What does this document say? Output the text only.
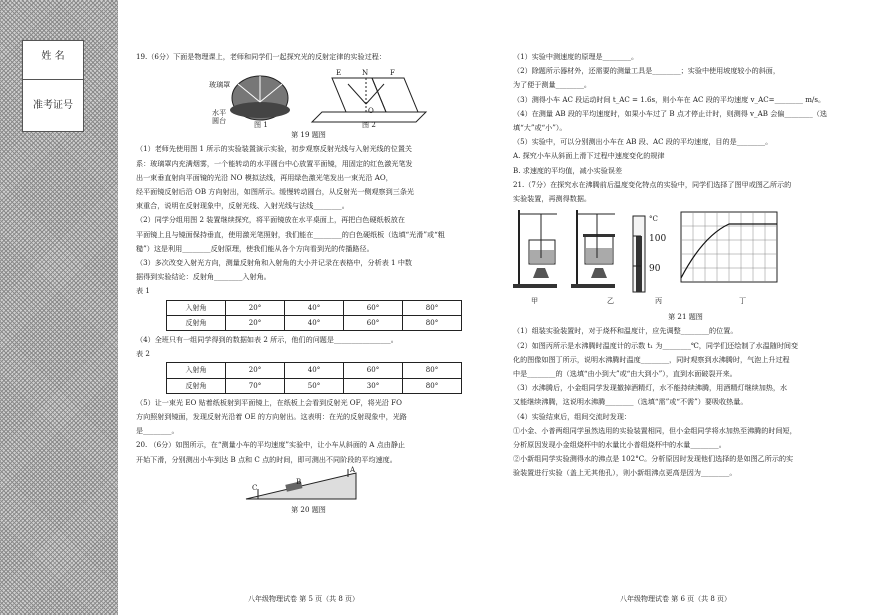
姓 名
准考证号

19.（6分）下面是物理课上，老师和同学们一起探究光的反射定律的实验过程：

玻璃罩
水平
圆台
E	N	F
O
图 1	图 2

第 19 题图

（1）老师先使用图 1 所示的实验装置演示实验，初步观察反射光线与入射光线的位置关

系：玻璃罩内充满烟雾，一个能转动的水平圆台中心放置平面镜，用固定的红色激光笔发

出一束垂直射向平面镜的光沿 NO 模拟法线，再用绿色激光笔发出一束光沿 AO，

经平面镜反射后沿 OB 方向射出，如图所示。缓慢转动圆台，从反射光一侧观察到三条光

束重合，说明在反射现象中，反射光线、入射光线与法线________。

（2）同学分组用图 2 装置继续探究，将平面镜放在水平桌面上，再把白色硬纸板放在

平面镜上且与镜面保持垂直，使用激光笔照射，我们能在________的白色硬纸板（选填“光滑”或“粗

糙”）这是利用________反射原理，使我们能从各个方向看到光的传播路径。

（3）多次改变入射光方向，测量反射角和入射角的大小并记录在表格中，分析表 1 中数

据得到实验结论：反射角________入射角。

表 1

入射角	20°	40°	60°	80°
反射角	20°	40°	60°	80°

（4）全班只有一组同学得到的数据如表 2 所示，他们的问题是________________。

表 2

入射角	20°	40°	60°	80°
反射角	70°	50°	30°	80°

（5）让一束光 EO 贴着纸板射到平面镜上，在纸板上会看到反射光 OF，将光沿 FO

方向照射到镜面，发现反射光沿着 OE 的方向射出。这表明：在光的反射现象中，光路

是________。

20. （6分）如图所示，在“测量小车的平均速度”实验中，让小车从斜面的 A 点由静止

开始下滑，分别测出小车到达 B 点和 C 点的时间，即可测出不同阶段的平均速度。

A
B
C

第 20 题图

八年级物理试卷 第 5 页（共 8 页）

（1）实验中测速度的原理是________。

（2）除题所示器材外，还需要的测量工具是________；实验中使用坡度较小的斜面，

为了便于测量________。

（3）测得小车 AC 段运动时间 t_AC = 1.6s，则小车在 AC 段的平均速度 v_AC=________ m/s。

（4）在测量 AB 段的平均速度时，如果小车过了 B 点才停止计时，则测得 v_AB 会偏________（选

填“大”或“小”）。

（5）实验中，可以分别测出小车在 AB 段、AC 段的平均速度，目的是________。

A. 探究小车从斜面上滑下过程中速度变化的规律

B. 求速度的平均值，减小实验误差

21.（7分）在探究水在沸腾前后温度变化特点的实验中，同学们选择了图甲或图乙所示的

实验装置，再测得数据。

°C
100
90
甲	乙	丙	丁

第 21 题图

（1）组装实验装置时，对于烧杯和温度计，应先调整________的位置。

（2）如图丙所示是水沸腾时温度计的示数 t₁ 为________℃，同学们还绘制了水温随时间变

化的图像如图丁所示，说明水沸腾时温度________，同时观察到水沸腾时，气泡上升过程

中是________的（选填“由小到大”或“由大到小”），直到水面破裂开来。

（3）水沸腾后，小金组同学发现撤掉酒精灯，水不能持续沸腾，用酒精灯继续加热，水

又能继续沸腾，这说明水沸腾________（选填“需”或“不需”）要吸收热量。

（4）实验结束后，组间交流时发现：

①小金、小普两组同学虽然选用的实验装置相同，但小金组同学将水加热至沸腾的时间短，

分析原因发现小金组烧杯中的水量比小普组烧杯中的水量________。

②小新组同学实验测得水的沸点是 102°C。分析原因时发现他们选择的是如图乙所示的实

验装置进行实验（盖上无其他孔），则小新组沸点更高是因为________。

八年级物理试卷 第 6 页（共 8 页）
